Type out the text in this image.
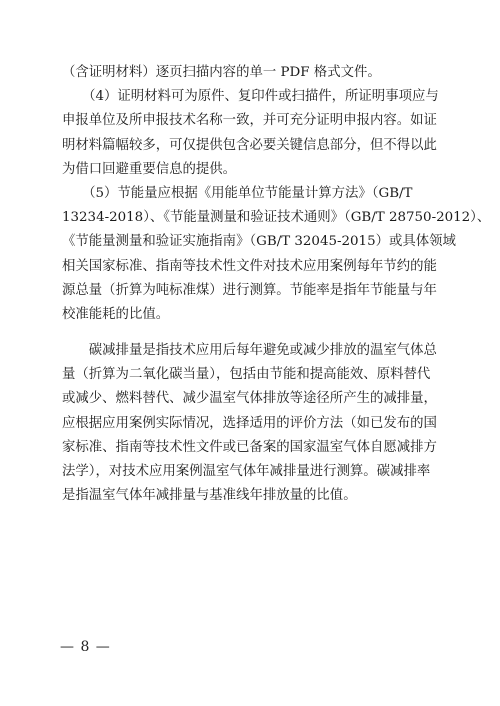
（含证明材料）逐页扫描内容的单一 PDF 格式文件。
　　（4）证明材料可为原件、复印件或扫描件，所证明事项应与
申报单位及所申报技术名称一致，并可充分证明申报内容。如证
明材料篇幅较多，可仅提供包含必要关键信息部分，但不得以此
为借口回避重要信息的提供。
　　（5）节能量应根据《用能单位节能量计算方法》（GB/T
13234-2018）、《节能量测量和验证技术通则》（GB/T 28750-2012）、
《节能量测量和验证实施指南》（GB/T 32045-2015）或具体领域
相关国家标准、指南等技术性文件对技术应用案例每年节约的能
源总量（折算为吨标准煤）进行测算。节能率是指年节能量与年
校准能耗的比值。
　　碳减排量是指技术应用后每年避免或减少排放的温室气体总
量（折算为二氧化碳当量），包括由节能和提高能效、原料替代
或减少、燃料替代、减少温室气体排放等途径所产生的减排量，
应根据应用案例实际情况，选择适用的评价方法（如已发布的国
家标准、指南等技术性文件或已备案的国家温室气体自愿减排方
法学），对技术应用案例温室气体年减排量进行测算。碳减排率
是指温室气体年减排量与基准线年排放量的比值。
— 8 —
